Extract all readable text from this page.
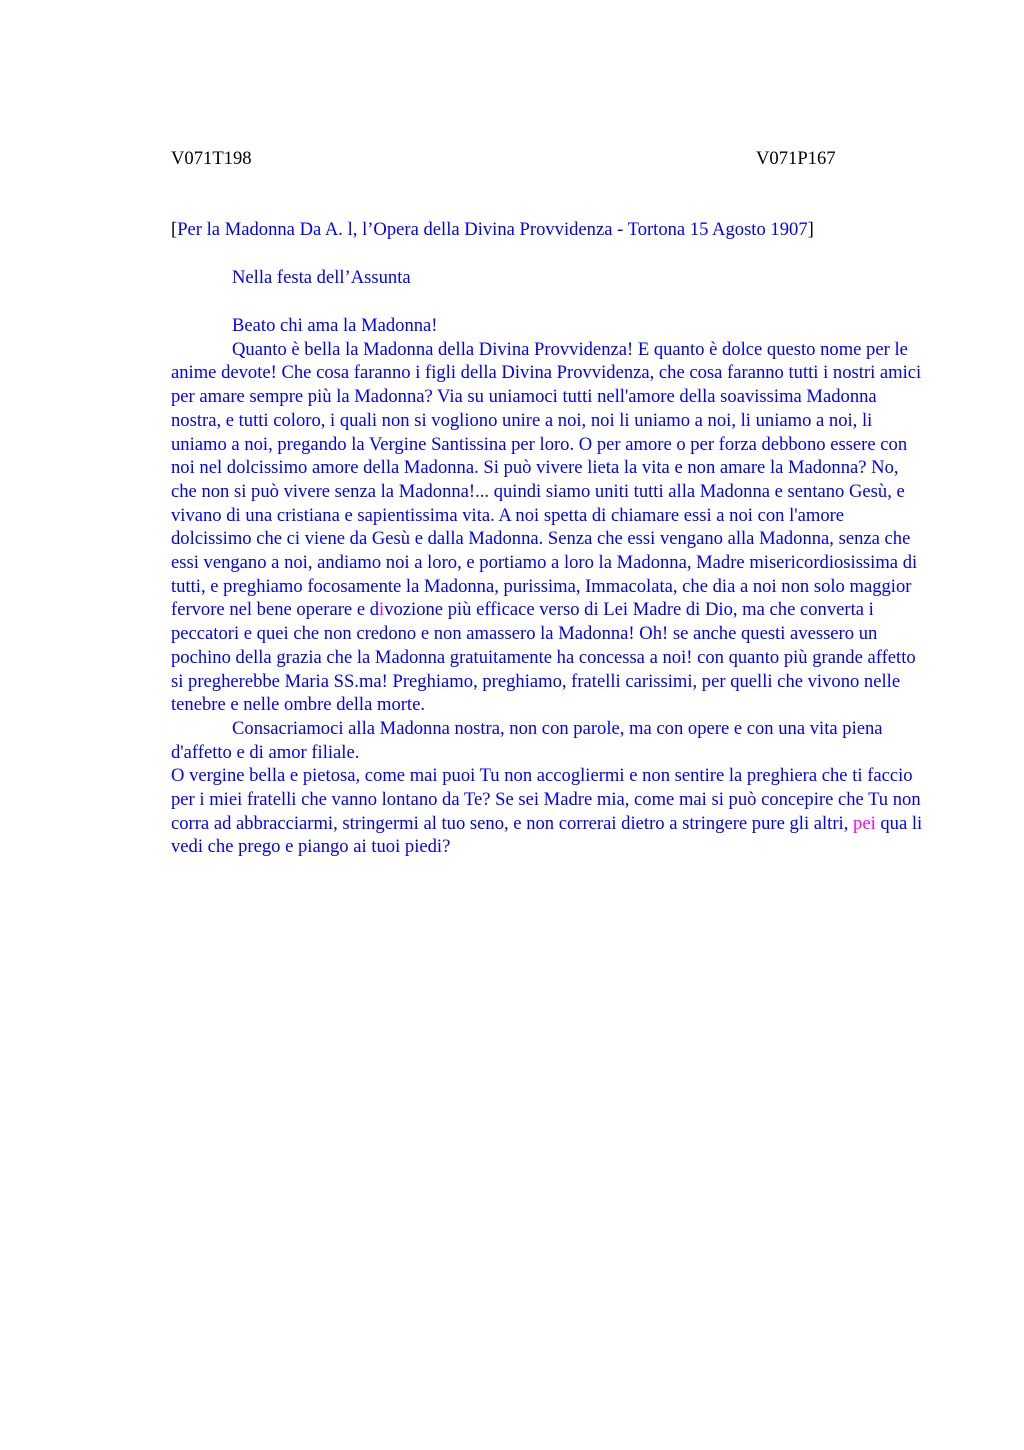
V071T198	V071P167
[Per la Madonna Da A. l, l’Opera della Divina Provvidenza - Tortona 15 Agosto 1907]
Nella festa dell’Assunta

Beato chi ama la Madonna!

Quanto è bella la Madonna della Divina Provvidenza! E quanto è dolce questo nome per le anime devote! Che cosa faranno i figli della Divina Provvidenza, che cosa faranno tutti i nostri amici per amare sempre più la Madonna? Via su uniamoci tutti nell'amore della soavissima Madonna nostra, e tutti coloro, i quali non si vogliono unire a noi, noi li uniamo a noi, li uniamo a noi, li uniamo a noi, pregando la Vergine Santissina per loro. O per amore o per forza debbono essere con noi nel dolcissimo amore della Madonna. Si può vivere lieta la vita e non amare la Madonna? No, che non si può vivere senza la Madonna!... quindi siamo uniti tutti alla Madonna e sentano Gesù, e vivano di una cristiana e sapientissima vita. A noi spetta di chiamare essi a noi con l'amore dolcissimo che ci viene da Gesù e dalla Madonna. Senza che essi vengano alla Madonna, senza che essi vengano a noi, andiamo noi a loro, e portiamo a loro la Madonna, Madre misericordiosissima di tutti, e preghiamo focosamente la Madonna, purissima, Immacolata, che dia a noi non solo maggior fervore nel bene operare e divozione più efficace verso di Lei Madre di Dio, ma che converta i peccatori e quei che non credono e non amassero la Madonna! Oh! se anche questi avessero un pochino della grazia che la Madonna gratuitamente ha concessa a noi! con quanto più grande affetto si pregherebbe Maria SS.ma! Preghiamo, preghiamo, fratelli carissimi, per quelli che vivono nelle tenebre e nelle ombre della morte.

Consacriamoci alla Madonna nostra, non con parole, ma con opere e con una vita piena d'affetto e di amor filiale.

O vergine bella e pietosa, come mai puoi Tu non accogliermi e non sentire la preghiera che ti faccio per i miei fratelli che vanno lontano da Te? Se sei Madre mia, come mai si può concepire che Tu non corra ad abbracciarmi, stringermi al tuo seno, e non correrai dietro a stringere pure gli altri, pei qua li vedi che prego e piango ai tuoi piedi?
